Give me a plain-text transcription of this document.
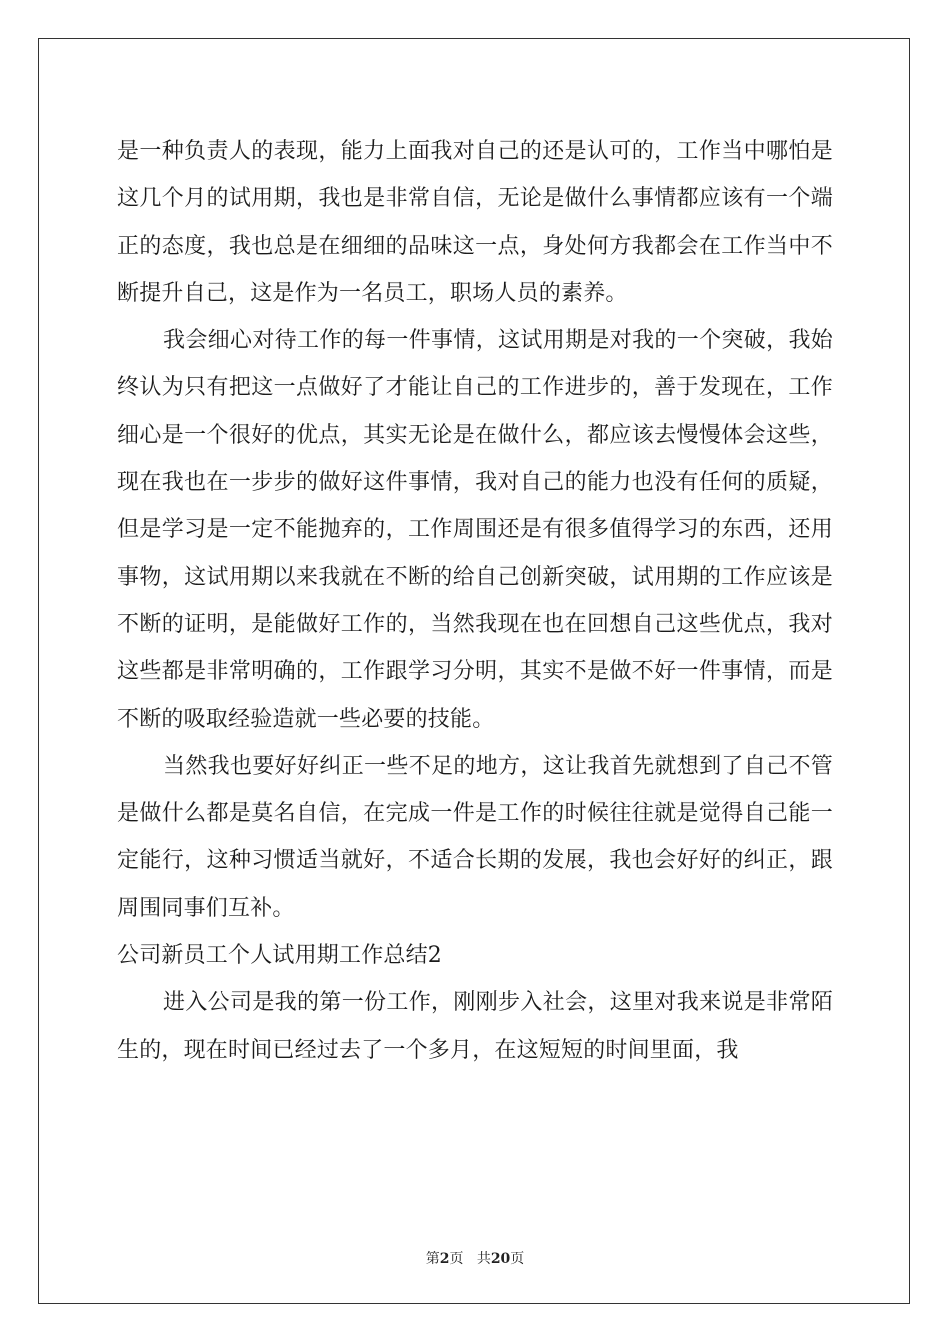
是一种负责人的表现，能力上面我对自己的还是认可的，工作当中哪怕是这几个月的试用期，我也是非常自信，无论是做什么事情都应该有一个端正的态度，我也总是在细细的品味这一点，身处何方我都会在工作当中不断提升自己，这是作为一名员工，职场人员的素养。

我会细心对待工作的每一件事情，这试用期是对我的一个突破，我始终认为只有把这一点做好了才能让自己的工作进步的，善于发现在，工作细心是一个很好的优点，其实无论是在做什么，都应该去慢慢体会这些，现在我也在一步步的做好这件事情，我对自己的能力也没有任何的质疑，但是学习是一定不能抛弃的，工作周围还是有很多值得学习的东西，还用事物，这试用期以来我就在不断的给自己创新突破，试用期的工作应该是不断的证明，是能做好工作的，当然我现在也在回想自己这些优点，我对这些都是非常明确的，工作跟学习分明，其实不是做不好一件事情，而是不断的吸取经验造就一些必要的技能。

当然我也要好好纠正一些不足的地方，这让我首先就想到了自己不管是做什么都是莫名自信，在完成一件是工作的时候往往就是觉得自己能一定能行，这种习惯适当就好，不适合长期的发展，我也会好好的纠正，跟周围同事们互补。

公司新员工个人试用期工作总结2

进入公司是我的第一份工作，刚刚步入社会，这里对我来说是非常陌生的，现在时间已经过去了一个多月，在这短短的时间里面，我

第2页 共20页
